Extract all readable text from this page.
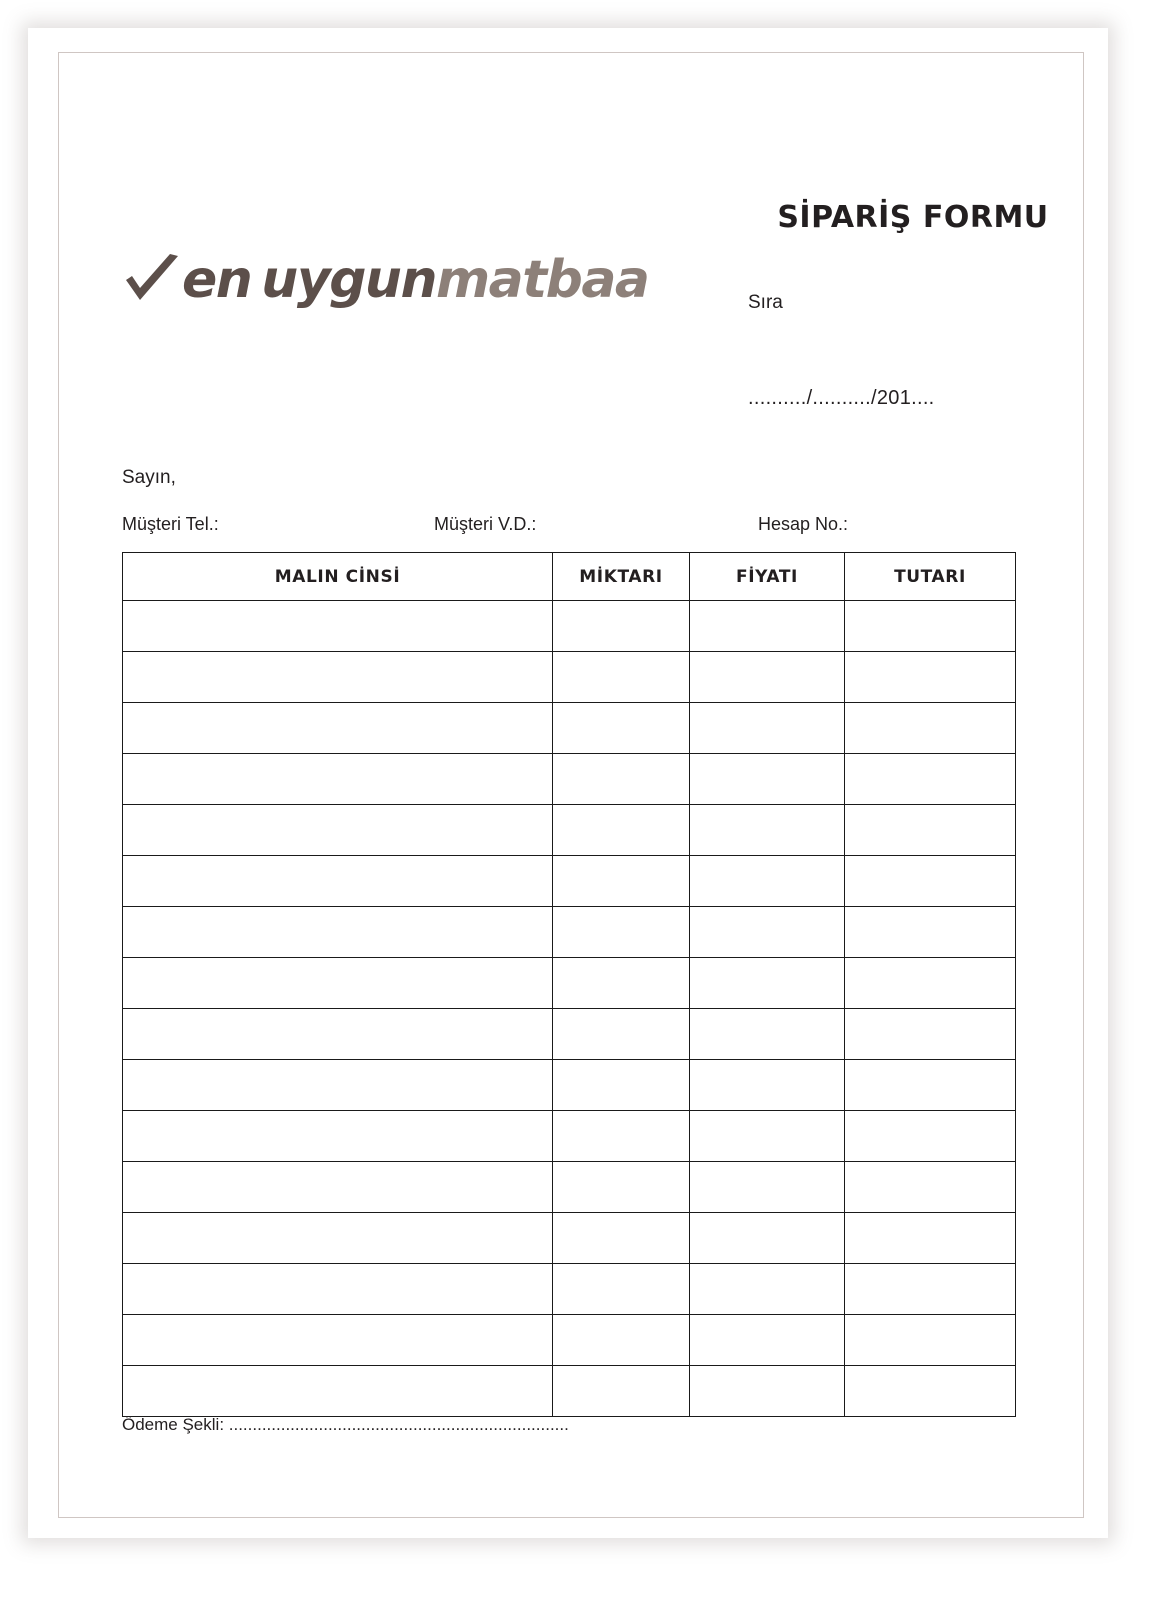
en uygun matbaa
SİPARİŞ FORMU
Sıra
........../........../201....
Sayın,
Müşteri Tel.:	Müşteri V.D.:	Hesap No.:
MALIN CİNSİ	MİKTARI	FİYATI	TUTARI

Ödeme Şekli: ........................................................................
